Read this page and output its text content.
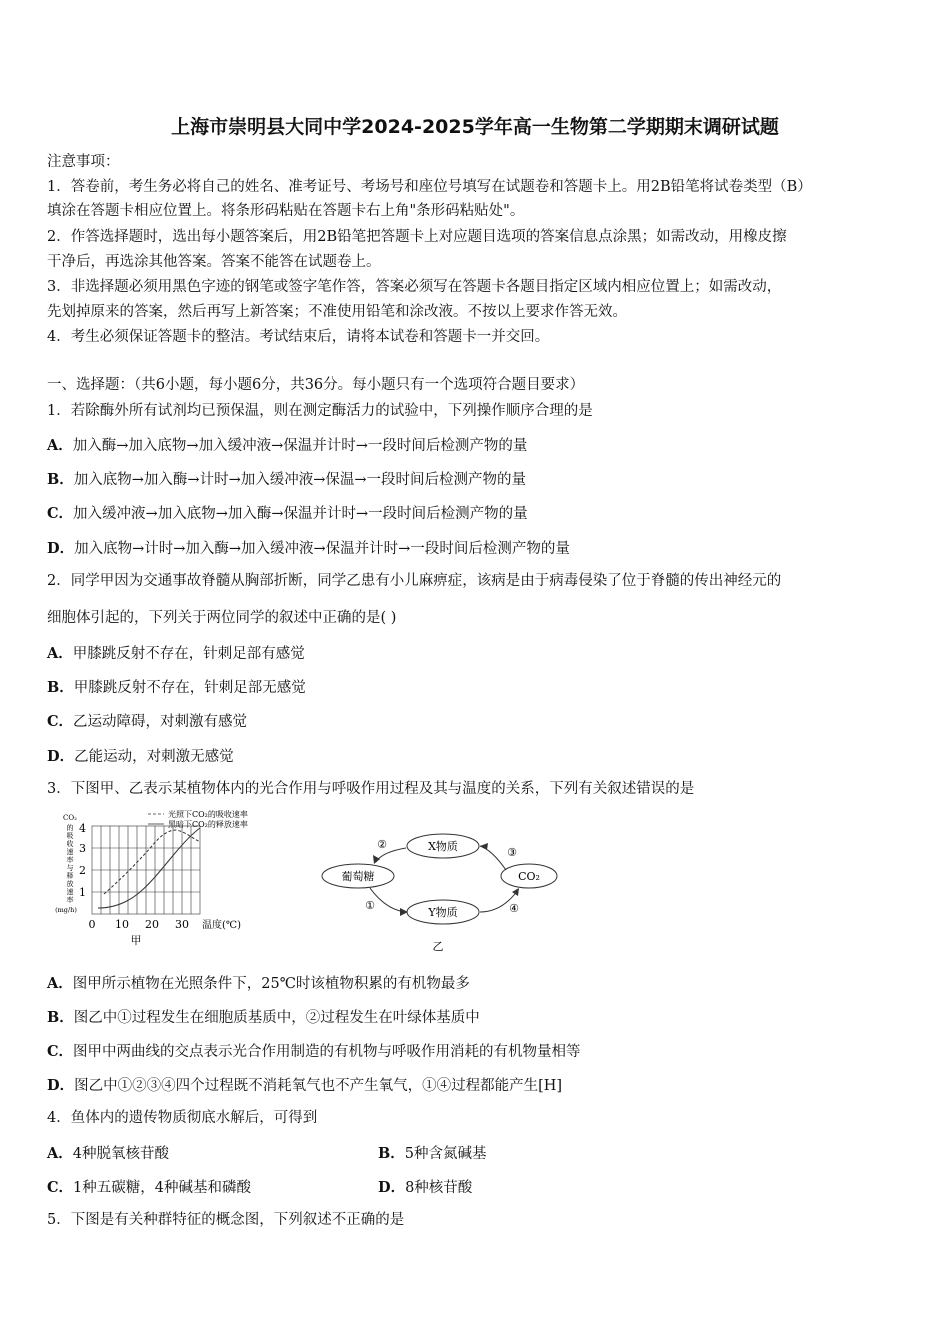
上海市崇明县大同中学2024-2025学年高一生物第二学期期末调研试题
注意事项：
1．答卷前，考生务必将自己的姓名、准考证号、考场号和座位号填写在试题卷和答题卡上。用2B铅笔将试卷类型（B）
填涂在答题卡相应位置上。将条形码粘贴在答题卡右上角"条形码粘贴处"。
2．作答选择题时，选出每小题答案后，用2B铅笔把答题卡上对应题目选项的答案信息点涂黑；如需改动，用橡皮擦
干净后，再选涂其他答案。答案不能答在试题卷上。
3．非选择题必须用黑色字迹的钢笔或签字笔作答，答案必须写在答题卡各题目指定区域内相应位置上；如需改动，
先划掉原来的答案，然后再写上新答案；不准使用铅笔和涂改液。不按以上要求作答无效。
4．考生必须保证答题卡的整洁。考试结束后，请将本试卷和答题卡一并交回。
一、选择题：（共6小题，每小题6分，共36分。每小题只有一个选项符合题目要求）
1．若除酶外所有试剂均已预保温，则在测定酶活力的试验中，下列操作顺序合理的是
A．加入酶→加入底物→加入缓冲液→保温并计时→一段时间后检测产物的量
B．加入底物→加入酶→计时→加入缓冲液→保温→一段时间后检测产物的量
C．加入缓冲液→加入底物→加入酶→保温并计时→一段时间后检测产物的量
D．加入底物→计时→加入酶→加入缓冲液→保温并计时→一段时间后检测产物的量
2．同学甲因为交通事故脊髓从胸部折断，同学乙患有小儿麻痹症，该病是由于病毒侵染了位于脊髓的传出神经元的
细胞体引起的，下列关于两位同学的叙述中正确的是( )
A．甲膝跳反射不存在，针刺足部有感觉
B．甲膝跳反射不存在，针刺足部无感觉
C．乙运动障碍，对刺激有感觉
D．乙能运动，对刺激无感觉
3．下图甲、乙表示某植物体内的光合作用与呼吸作用过程及其与温度的关系，下列有关叙述错误的是
CO₂
的
吸
收
速
率
与
释
放
速
率
(mg/h)
1
2
3
4
0 10 20 30 温度(℃)
甲
光照下CO₂的吸收速率
黑暗下CO₂的释放速率
X物质
葡萄糖	CO₂
Y物质
②
③
①	④
乙
A．图甲所示植物在光照条件下，25℃时该植物积累的有机物最多
B．图乙中①过程发生在细胞质基质中，②过程发生在叶绿体基质中
C．图甲中两曲线的交点表示光合作用制造的有机物与呼吸作用消耗的有机物量相等
D．图乙中①②③④四个过程既不消耗氧气也不产生氧气，①④过程都能产生[H]
4．鱼体内的遗传物质彻底水解后，可得到
A．4种脱氧核苷酸	B．5种含氮碱基
C．1种五碳糖，4种碱基和磷酸	D．8种核苷酸
5．下图是有关种群特征的概念图，下列叙述不正确的是
